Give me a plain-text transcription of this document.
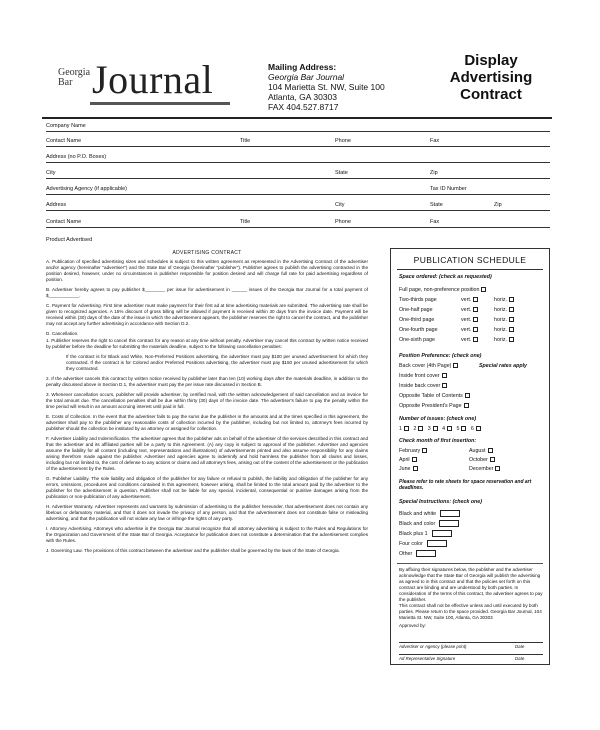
Georgia Bar Journal	Mailing Address:
Georgia Bar Journal
104 Marietta St. NW, Suite 100
Atlanta, GA 30303
FAX 404.527.8717
Display
Advertising
Contract
Company Name
Contact Name	Title	Phone	Fax
Address (no P.O. Boxes)
City	State	Zip
Advertising Agency (if applicable)	Tax ID Number
Address	City	State	Zip
Contact Name	Title	Phone	Fax
Product Advertised
ADVERTISING CONTRACT

A. Publication of specified advertising sizes and schedules is subject to this written agreement as represented in the Advertising Contract of the advertiser and/or agency (hereinafter "advertiser") and the State Bar of Georgia (hereinafter "publisher"). Publisher agrees to publish the advertising contracted in the position desired, however, under no circumstances is publisher responsible for position desired and will charge full rate for paid advertising regardless of position.

B. Advertiser hereby agrees to pay publisher $________ per issue for advertisement in ______ issues of the Georgia Bar Journal for a total payment of $____________.

C. Payment for Advertising. First time advertiser must make payment for their first ad at time advertising materials are submitted. The advertising rate shall be given to recognized agencies. A 15% discount of gross billing will be allowed if payment is received within 30 days from the invoice date. Payment will be received within (30) days of the date of the issue in which the advertisement appears, the publisher reserves the right to cancel the contract, and the publisher may not accept any further advertising in accordance with Section D.2.

D. Cancellation.

1. Publisher reserves the right to cancel this contract for any reason at any time without penalty. Advertiser may cancel this contract by written notice received by publisher before the deadline for submitting the materials deadline, subject to the following cancellation penalties:

If the contract is for Black and White, Non-Preferred Positions advertising, the advertiser must pay $100 per unused advertisement for which they contracted. If the contract is for Colored and/or Preferred Positions advertising, the advertiser must pay $150 per unused advertisement for which they contracted.

2. If the advertiser cancels this contract by written notice received by publisher later than ten (10) working days after the materials deadline, in addition to the penalty discussed above in Section D.1, the advertiser must pay the per issue rate discussed in Section B.

3. Whenever cancellation occurs, publisher will provide advertiser, by certified mail, with the written acknowledgement of said cancellation and an invoice for the total amount due. The cancellation penalties shall be due within thirty (30) days of the invoice date. The advertiser's failure to pay the penalty within the time period will result in an amount accruing interest until paid in full.

E. Costs of Collection. In the event that the advertiser fails to pay the sums due the publisher in the amounts and at the times specified in this agreement, the advertiser shall pay to the publisher any reasonable costs of collection incurred by the publisher, including but not limited to, attorney's fees incurred by publisher should the collection be instituted by an attorney or assigned for collection.

F. Advertiser Liability and Indemnification. The advertiser agrees that the publisher ads on behalf of the advertiser of the services described in this contract and that the advertiser and its affiliated parties will be a party to this Agreement. (A) any copy is subject to approval of the publisher. Advertiser and agencies assume the liability for all content (including text, representations and illustrations) of advertisements printed and also assume responsibility for any claims arising therefrom made against the publisher. Advertiser and agencies agree to indemnify and hold harmless the publisher from all claims and losses, including but not limited to, the cost of defense to any actions or claims and all attorney's fees, arising out of the content of the advertisement or the publication of the advertisement by the Rules.

G. Publisher Liability. The sole liability and obligation of the publisher for any failure or refusal to publish, the liability and obligation of the publisher for any errors, omissions, procedures and conditions contained in this agreement, however arising, shall be limited to the total amount paid by the advertiser to the publisher for the advertisement in question. Publisher shall not be liable for any special, incidental, consequential or punitive damages arising from the publication or non-publication of any advertisement.

H. Advertiser Warranty. Advertiser represents and warrants by submission of advertising to the publisher hereunder, that advertisement does not contain any libelous or defamatory material, and that it does not invade the privacy of any person, and that the advertisement does not constitute false or misleading advertising, and that the publication will not violate any law or infringe the rights of any party.

I. Attorney Advertising. Attorneys who advertise in the Georgia Bar Journal recognize that all attorney advertising is subject to the Rules and Regulations for the Organization and Government of the State Bar of Georgia. Acceptance for publication does not constitute a determination that the advertisement complies with the Rules.

J. Governing Law. The provisions of this contract between the advertiser and the publisher shall be governed by the laws of the State of Georgia.

PUBLICATION SCHEDULE
Space ordered: (check as requested)
Full page, non-preference position
Two-thirds page	vert.	horiz.
One-half page	vert.	horiz.
One-third page	vert.	horiz.
One-fourth page	vert.	horiz.
One-sixth page	vert.	horiz.
Position Preference: (check one)
Back cover (4th Page)	Special rates apply
Inside front cover
Inside back cover
Opposite Table of Contents
Opposite President's Page
Number of issues: (check one)
1 2 3 4 5 6
Check month of first insertion:
February	August
April	October
June	December
Please refer to rate sheets for space reservation and art deadlines.
Special Instructions: (check one)
Black and white
Black and color
Black plus 1
Four color
Other
By affixing their signatures below, the publisher and the advertiser acknowledge that the State Bar of Georgia will publish the advertising as agreed to in this contract and that the policies set forth on this contract are binding and are understood by both parties. In consideration of the terms of this contract, the advertiser agrees to pay the publisher.
This contract shall not be effective unless and until executed by both parties. Please return to the space provided. Georgia Bar Journal, 104 Marietta St. NW, Suite 100, Atlanta, GA 30303
Approved by:
Advertiser or Agency (please print)	Date
Ad Representative Signature	Date
